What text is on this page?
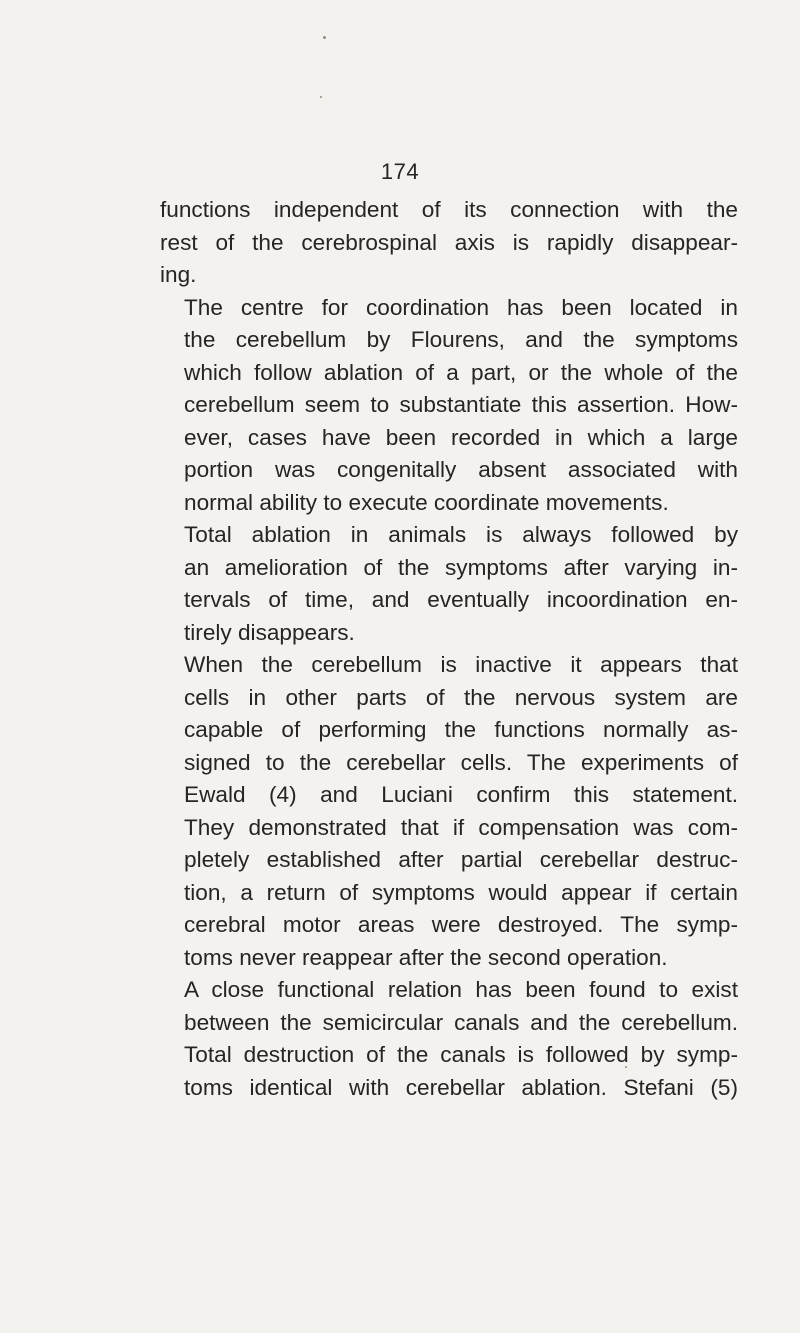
174

functions independent of its connection with the
rest of the cerebrospinal axis is rapidly disappear-
ing.

The centre for coordination has been located in
the cerebellum by Flourens, and the symptoms
which follow ablation of a part, or the whole of the
cerebellum seem to substantiate this assertion. How-
ever, cases have been recorded in which a large
portion was congenitally absent associated with
normal ability to execute coordinate movements.

Total ablation in animals is always followed by
an amelioration of the symptoms after varying in-
tervals of time, and eventually incoordination en-
tirely disappears.

When the cerebellum is inactive it appears that
cells in other parts of the nervous system are
capable of performing the functions normally as-
signed to the cerebellar cells. The experiments of
Ewald (4) and Luciani confirm this statement.
They demonstrated that if compensation was com-
pletely established after partial cerebellar destruc-
tion, a return of symptoms would appear if certain
cerebral motor areas were destroyed. The symp-
toms never reappear after the second operation.

A close functional relation has been found to exist
between the semicircular canals and the cerebellum.
Total destruction of the canals is followed by symp-
toms identical with cerebellar ablation. Stefani (5)
